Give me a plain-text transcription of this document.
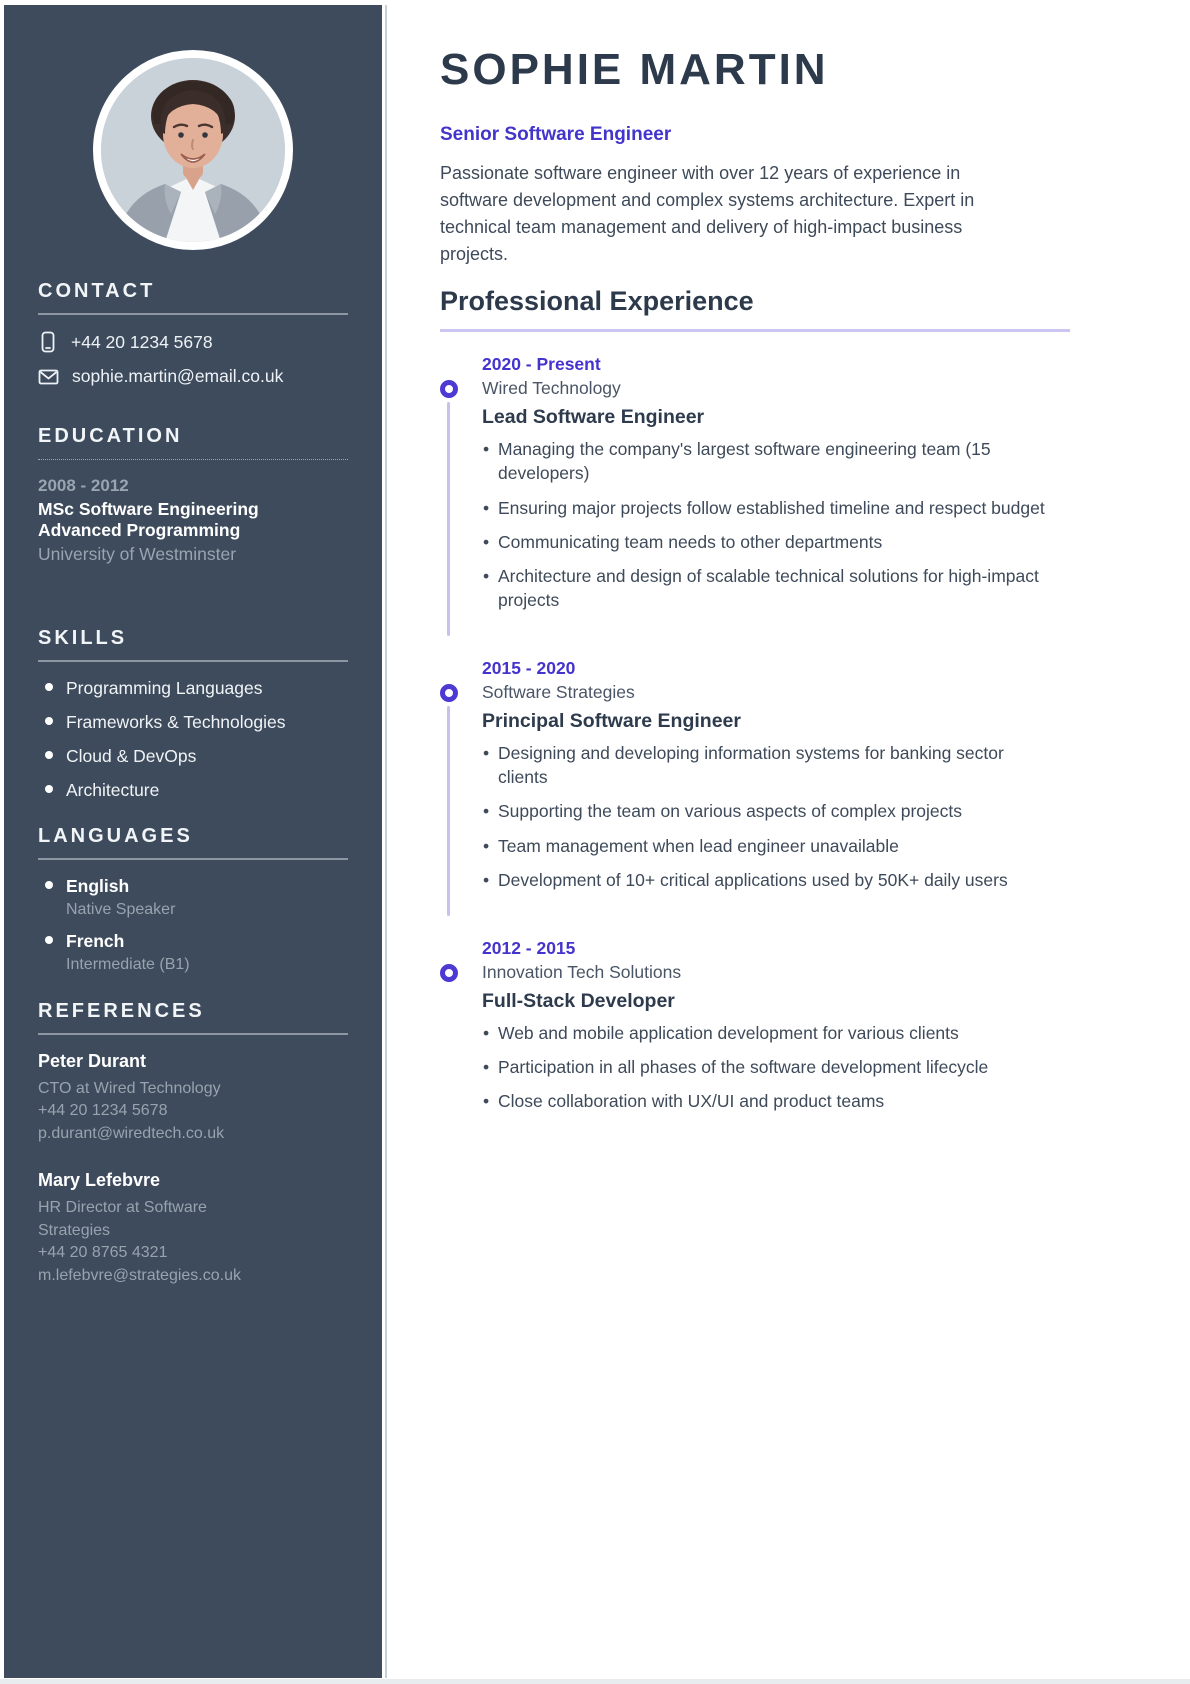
CONTACT
+44 20 1234 5678
sophie.martin@email.co.uk
EDUCATION
2008 - 2012
MSc Software Engineering
Advanced Programming
University of Westminster
SKILLS
Programming Languages
Frameworks & Technologies
Cloud & DevOps
Architecture
LANGUAGES
English
Native Speaker
French
Intermediate (B1)
REFERENCES
Peter Durant
CTO at Wired Technology
+44 20 1234 5678
p.durant@wiredtech.co.uk
Mary Lefebvre
HR Director at Software Strategies
+44 20 8765 4321
m.lefebvre@strategies.co.uk
SOPHIE MARTIN
Senior Software Engineer

Passionate software engineer with over 12 years of experience in software development and complex systems architecture. Expert in technical team management and delivery of high-impact business projects.

Professional Experience
2020 - Present
Wired Technology
Lead Software Engineer
• Managing the company's largest software engineering team (15 developers)
• Ensuring major projects follow established timeline and respect budget
• Communicating team needs to other departments
• Architecture and design of scalable technical solutions for high-impact projects
2015 - 2020
Software Strategies
Principal Software Engineer
• Designing and developing information systems for banking sector clients
• Supporting the team on various aspects of complex projects
• Team management when lead engineer unavailable
• Development of 10+ critical applications used by 50K+ daily users
2012 - 2015
Innovation Tech Solutions
Full-Stack Developer
• Web and mobile application development for various clients
• Participation in all phases of the software development lifecycle
• Close collaboration with UX/UI and product teams
